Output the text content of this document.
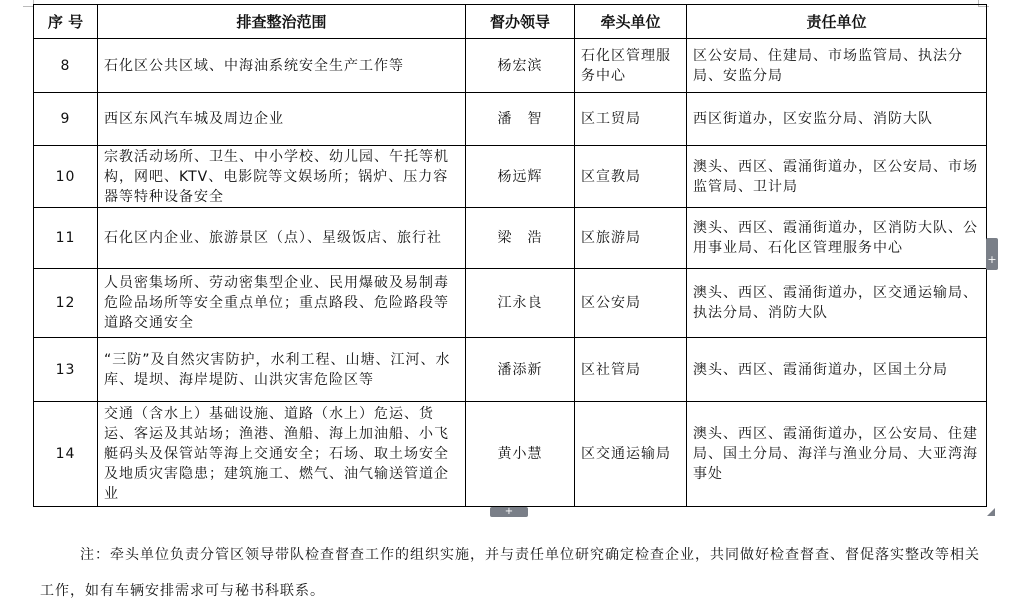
序 号	排查整治范围	督办领导	牵头单位	责任单位
8	石化区公共区域、中海油系统安全生产工作等	杨宏滨	石化区管理服务中心	区公安局、住建局、市场监管局、执法分局、安监分局
9	西区东风汽车城及周边企业	潘　智	区工贸局	西区街道办，区安监分局、消防大队
10	宗教活动场所、卫生、中小学校、幼儿园、午托等机构，网吧、KTV、电影院等文娱场所；锅炉、压力容器等特种设备安全	杨远辉	区宣教局	澳头、西区、霞涌街道办，区公安局、市场监管局、卫计局
11	石化区内企业、旅游景区（点）、星级饭店、旅行社	梁　浩	区旅游局	澳头、西区、霞涌街道办，区消防大队、公用事业局、石化区管理服务中心
12	人员密集场所、劳动密集型企业、民用爆破及易制毒危险品场所等安全重点单位；重点路段、危险路段等道路交通安全	江永良	区公安局	澳头、西区、霞涌街道办，区交通运输局、执法分局、消防大队
13	“三防”及自然灾害防护，水利工程、山塘、江河、水库、堤坝、海岸堤防、山洪灾害危险区等	潘添新	区社管局	澳头、西区、霞涌街道办，区国土分局
14	交通（含水上）基础设施、道路（水上）危运、货运、客运及其站场；渔港、渔船、海上加油船、小飞艇码头及保管站等海上交通安全；石场、取土场安全及地质灾害隐患；建筑施工、燃气、油气输送管道企业	黄小慧	区交通运输局	澳头、西区、霞涌街道办，区公安局、住建局、国土分局、海洋与渔业分局、大亚湾海事处
注：牵头单位负责分管区领导带队检查督查工作的组织实施，并与责任单位研究确定检查企业，共同做好检查督查、督促落实整改等相关工作，如有车辆安排需求可与秘书科联系。
+
+
